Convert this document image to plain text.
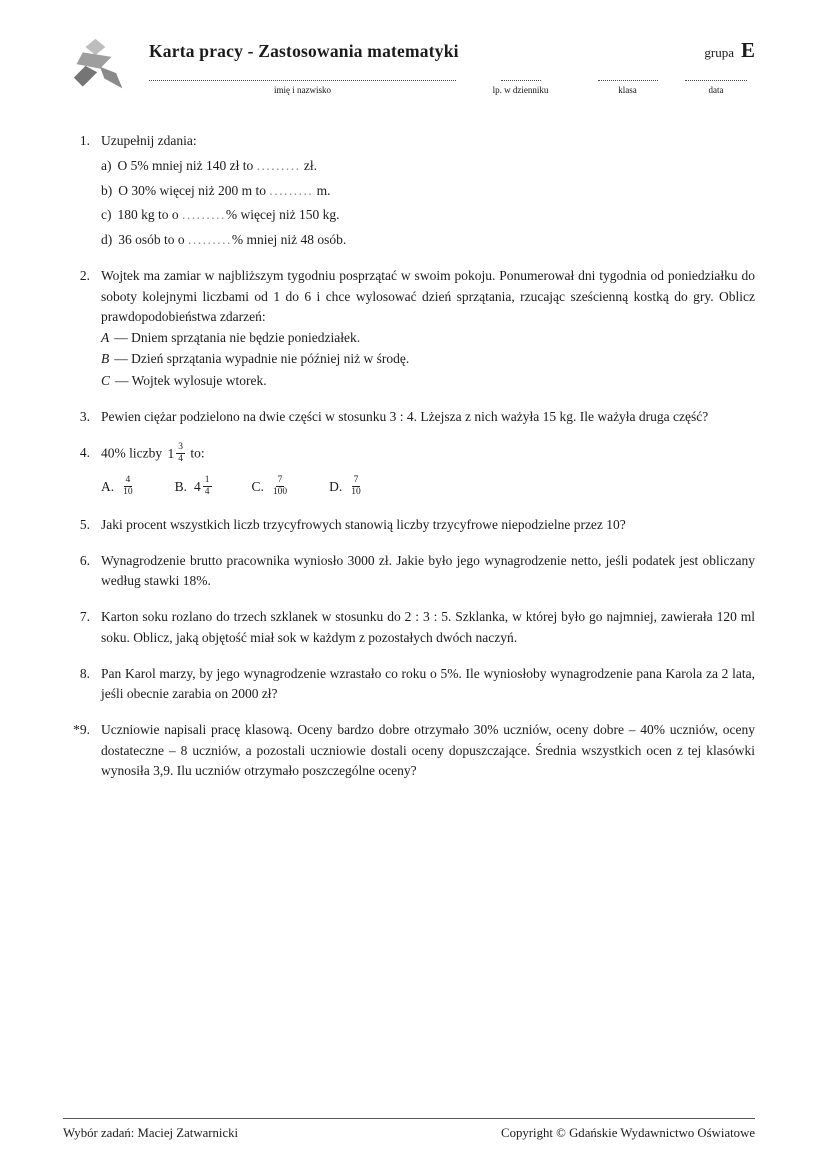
Karta pracy - Zastosowania matematyki	grupa E
imię i nazwisko	lp. w dzienniku	klasa	data
1. Uzupełnij zdania:
a) O 5% mniej niż 140 zł to ......... zł.
b) O 30% więcej niż 200 m to ......... m.
c) 180 kg to o .........% więcej niż 150 kg.
d) 36 osób to o .........% mniej niż 48 osób.
2. Wojtek ma zamiar w najbliższym tygodniu posprzątać w swoim pokoju. Ponumerował dni tygodnia od poniedziałku do soboty kolejnymi liczbami od 1 do 6 i chce wylosować dzień sprzątania, rzucając sześcienną kostką do gry. Oblicz prawdopodobieństwa zdarzeń:
A — Dniem sprzątania nie będzie poniedziałek.
B — Dzień sprzątania wypadnie nie później niż w środę.
C — Wojtek wylosuje wtorek.
3. Pewien ciężar podzielono na dwie części w stosunku 3 : 4. Lżejsza z nich ważyła 15 kg. Ile ważyła druga część?
4. 40% liczby $1 \frac{3}{4}$ to:
A. $\frac{4}{10}$	B. $4 \frac{1}{4}$	C. $\frac{7}{100}$	D. $\frac{7}{10}$
5. Jaki procent wszystkich liczb trzycyfrowych stanowią liczby trzycyfrowe niepodzielne przez 10?
6. Wynagrodzenie brutto pracownika wyniosło 3000 zł. Jakie było jego wynagrodzenie netto, jeśli podatek jest obliczany według stawki 18%.
7. Karton soku rozlano do trzech szklanek w stosunku do 2 : 3 : 5. Szklanka, w której było go najmniej, zawierała 120 ml soku. Oblicz, jaką objętość miał sok w każdym z pozostałych dwóch naczyń.
8. Pan Karol marzy, by jego wynagrodzenie wzrastało co roku o 5%. Ile wyniosłoby wynagrodzenie pana Karola za 2 lata, jeśli obecnie zarabia on 2000 zł?
*9. Uczniowie napisali pracę klasową. Oceny bardzo dobre otrzymało 30% uczniów, oceny dobre – 40% uczniów, oceny dostateczne – 8 uczniów, a pozostali uczniowie dostali oceny dopuszczające. Średnia wszystkich ocen z tej klasówki wynosiła 3,9. Ilu uczniów otrzymało poszczególne oceny?
Wybór zadań: Maciej Zatwarnicki	Copyright © Gdańskie Wydawnictwo Oświatowe
